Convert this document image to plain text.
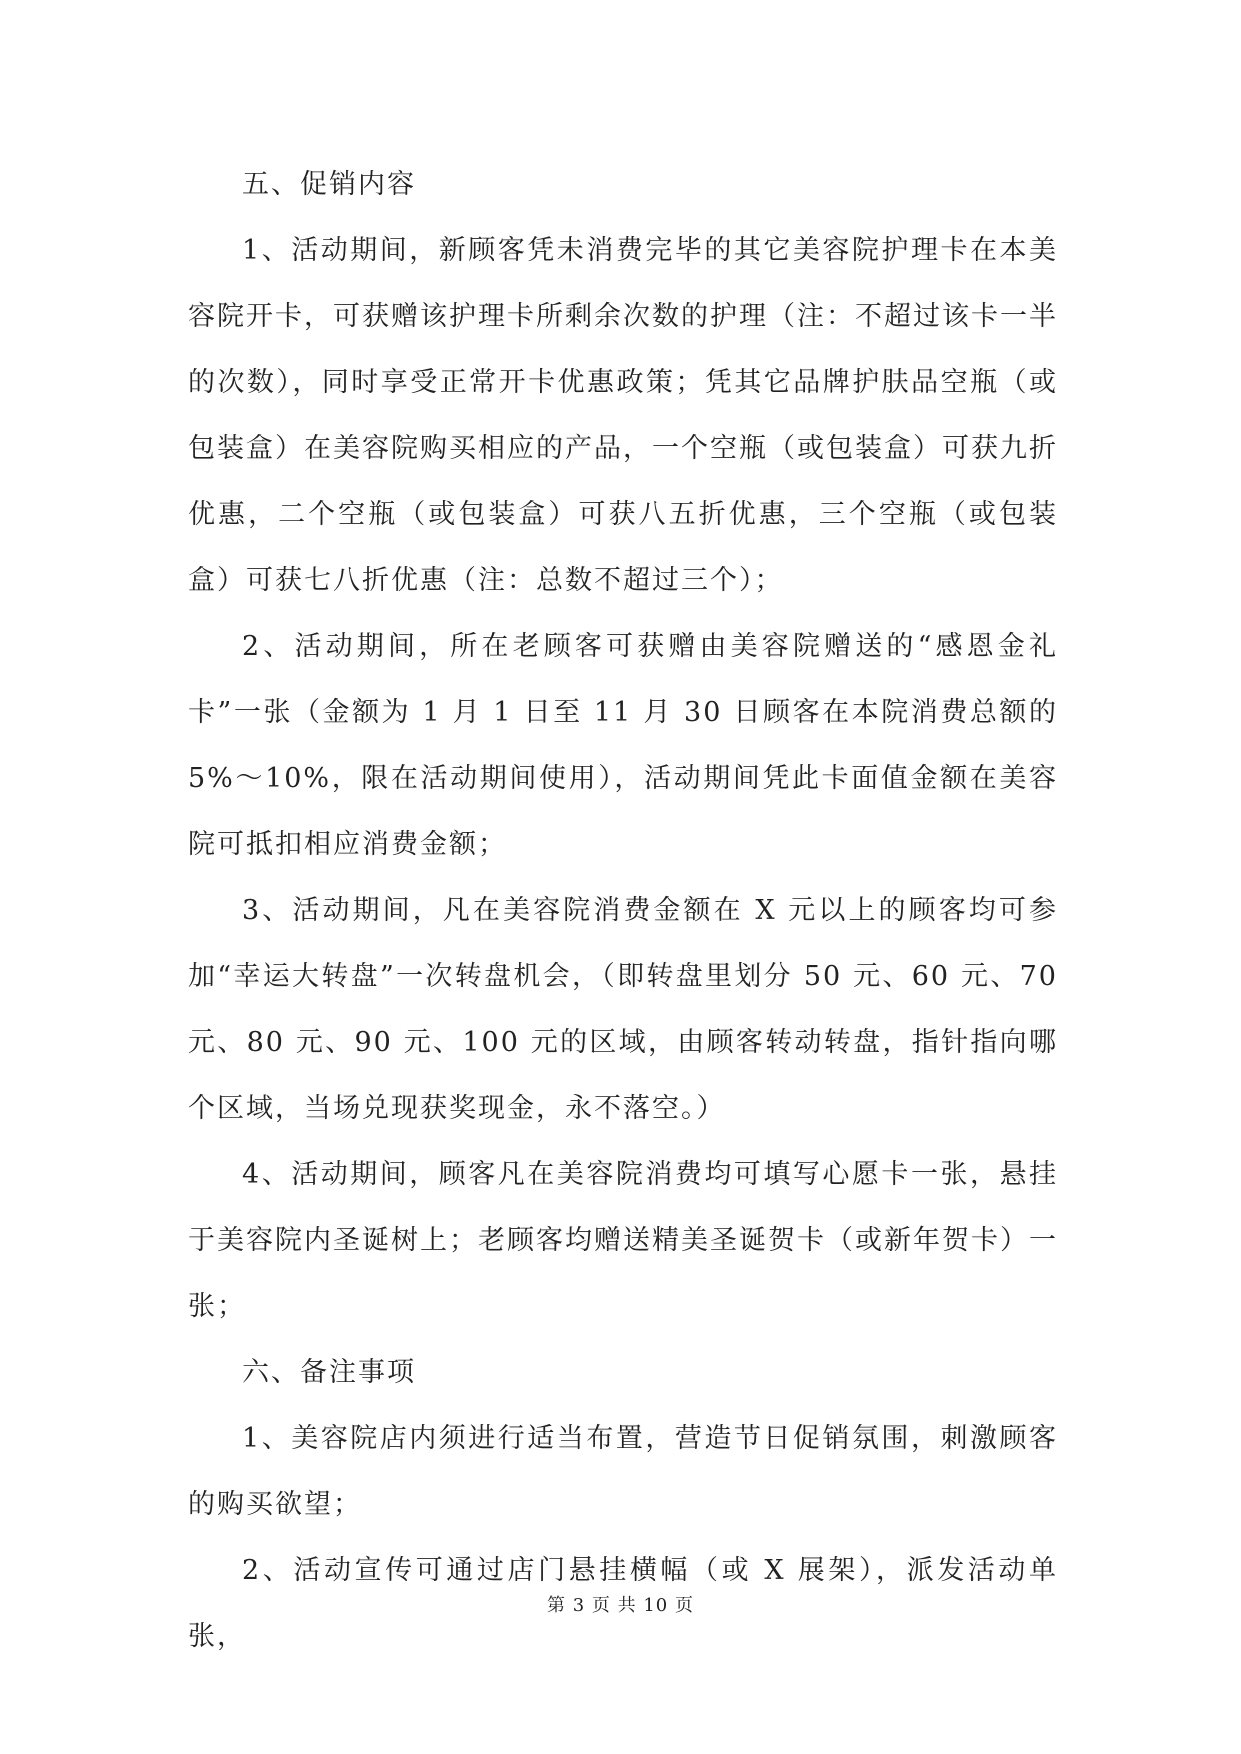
五、促销内容

1、活动期间，新顾客凭未消费完毕的其它美容院护理卡在本美容院开卡，可获赠该护理卡所剩余次数的护理（注：不超过该卡一半的次数），同时享受正常开卡优惠政策；凭其它品牌护肤品空瓶（或包装盒）在美容院购买相应的产品，一个空瓶（或包装盒）可获九折优惠，二个空瓶（或包装盒）可获八五折优惠，三个空瓶（或包装盒）可获七八折优惠（注：总数不超过三个）；

2、活动期间，所在老顾客可获赠由美容院赠送的“感恩金礼卡”一张（金额为 1 月 1 日至 11 月 30 日顾客在本院消费总额的 5%～10%，限在活动期间使用），活动期间凭此卡面值金额在美容院可抵扣相应消费金额；

3、活动期间，凡在美容院消费金额在 X 元以上的顾客均可参加“幸运大转盘”一次转盘机会，（即转盘里划分 50 元、60 元、70 元、80 元、90 元、100 元的区域，由顾客转动转盘，指针指向哪个区域，当场兑现获奖现金，永不落空。）

4、活动期间，顾客凡在美容院消费均可填写心愿卡一张，悬挂于美容院内圣诞树上；老顾客均赠送精美圣诞贺卡（或新年贺卡）一张；

六、备注事项

1、美容院店内须进行适当布置，营造节日促销氛围，刺激顾客的购买欲望；

2、活动宣传可通过店门悬挂横幅（或 X 展架），派发活动单张，

第 3 页 共 10 页
